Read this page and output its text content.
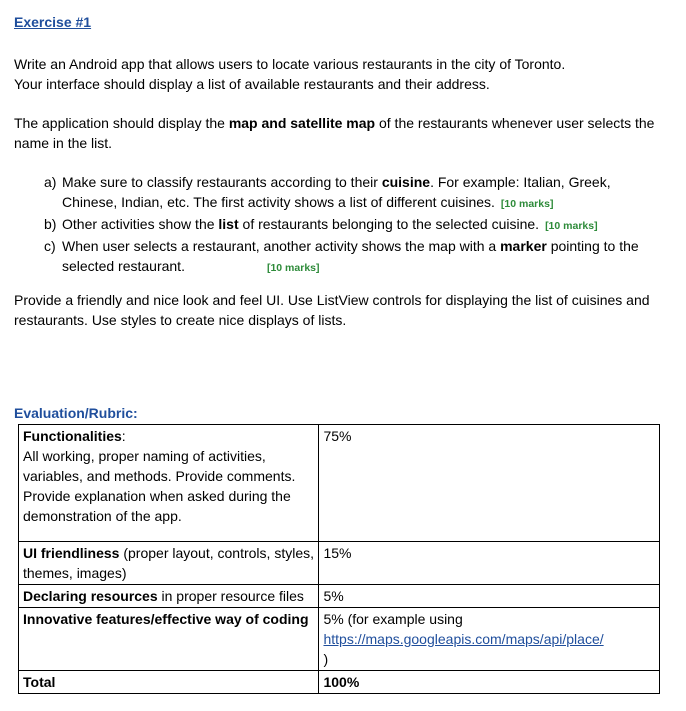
Exercise #1
Write an Android app that allows users to locate various restaurants in the city of Toronto.
Your interface should display a list of available restaurants and their address.
The application should display the map and satellite map of the restaurants whenever user selects the name in the list.
a) Make sure to classify restaurants according to their cuisine. For example: Italian, Greek, Chinese, Indian, etc. The first activity shows a list of different cuisines. [10 marks]
b) Other activities show the list of restaurants belonging to the selected cuisine. [10 marks]
c) When user selects a restaurant, another activity shows the map with a marker pointing to the selected restaurant.	[10 marks]
Provide a friendly and nice look and feel UI. Use ListView controls for displaying the list of cuisines and restaurants. Use styles to create nice displays of lists.
Evaluation/Rubric:
Functionalities:
All working, proper naming of activities, variables, and methods. Provide comments. Provide explanation when asked during the demonstration of the app.	75%
UI friendliness (proper layout, controls, styles, themes, images)	15%
Declaring resources in proper resource files	5%
Innovative features/effective way of coding	5% (for example using
https://maps.googleapis.com/maps/api/place/
)

Total	100%
